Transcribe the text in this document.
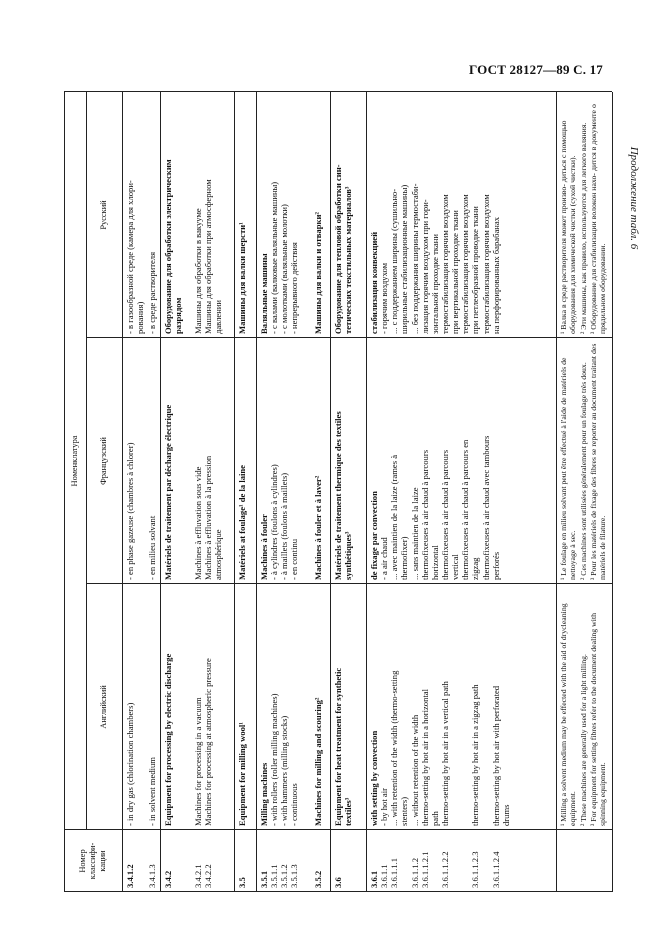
ГОСТ 28127—89 С. 17
Продолжение табл. 6
Номер классифи- кации
Номенклатура
Английский
Французский
Русский
3.4.1.2
- in dry gas (chlorination chambers)
- en phase gazeuse (chambres à chlorer)
- в газообразной среде (камера для хлори- рования)
3.4.1.3
- in solvent medium
- en milieu solvant
- в среде растворителя
3.4.2
Equipment for processing by electric discharge
Matériels de traitement par décharge électrique
Оборудование для обработки электрическим разрядом
3.4.2.1 3.4.2.2
Machines for processing in a vacuum Machines for processing at atmospheric pressure
Machines à effluvation sous vide Machines à effluvation à la pression atmosphérique
Машины для обработки в вакууме Машины для обработки при атмосферном давлении
3.5
Equipment for milling wool¹
Matériels at foulage¹ de la laine
Машины для валки шерсти¹
3.5.1 3.5.1.1 3.5.1.2 3.5.1.3
Milling machines - with rollers (roller milling machines) - with hammers (milling stocks) - continuous
Machines à fouler - à cylindres (foulons à cylindres) - à maillets (foulons à maillets) - en continu
Валяльные машины - с валами (валковые валяльные машины) - с молотками (валяльные молотки) - непрерывного действия
3.5.2
Machines for milling and scouring²
Machines à fouler et à laver²
Машины для валки и отварки²
3.6
Equipment for heat treatment for synthetic textiles³
Matériels de traitement thermique des textiles synthétiques³
Оборудование для тепловой обработки син- тетических текстильных материалов³
3.6.1 3.6.1.1 3.6.1.1.1
3.6.1.1.2 3.6.1.1.2.1
3.6.1.1.2.2

3.6.1.1.2.3
3.6.1.1.2.4
with setting by convection - by hot air ... with retention of the width (thermo-setting stenters) ... without retention of the width thermo-setting by hot air in a horizontal path thermo-setting by hot air in a vertical path

thermo-setting by hot air in a zigzag path
thermo-setting by hot air with perforated drums
de fixage par convection - a air chaud ... avec maintien de la laize (rames à thermofixer) ... sans maintien de la laize thermofixeuses à air chaud à parcours horizontal thermofixeuses à air chaud à parcours vertical thermofixeuses à air chaud à parcours en zigzag thermofixeuses à air chaud avec tambours perforés
стабилизация конвекцией - горячим воздухом ... с поддержанием ширины (сушильно- ширильные стабилизационные машины) ... без поддержания ширины термостаби- лизация горячим воздухом при гори- зонтальной проходке ткани термостабилизация горячим воздухом при вертикальной проходке ткани термостабилизация горячим воздухом при петлеобразной проводке ткани термостабилизация горячим воздухом на перфорированных барабанах
¹ Milling a solvent medium may be effected with the aid of drycleaning equipment. ² These machines are generally used for a light milling. ³ For equipment for setting fibres refer to the document dealing with spinning equipment.
¹ Le foulage en milieu solvant peut être effectué à l'aide de matériels de nettoyage à sec. ² Ces machines sont utilisées généralement pour un foulage très doux. ³ Pour les matériels de fixage des fibres se reporter au document traitant des matériels de filature.
¹ Валка в среде растворителя может произво- диться с помощью оборудования для химической чистки (сухой чистки). ² Эти машины, как правило, используются для легкого валяния. ³ Оборудование для стабилизации волокон нахо- дится в документе о прядильном оборудовании.
